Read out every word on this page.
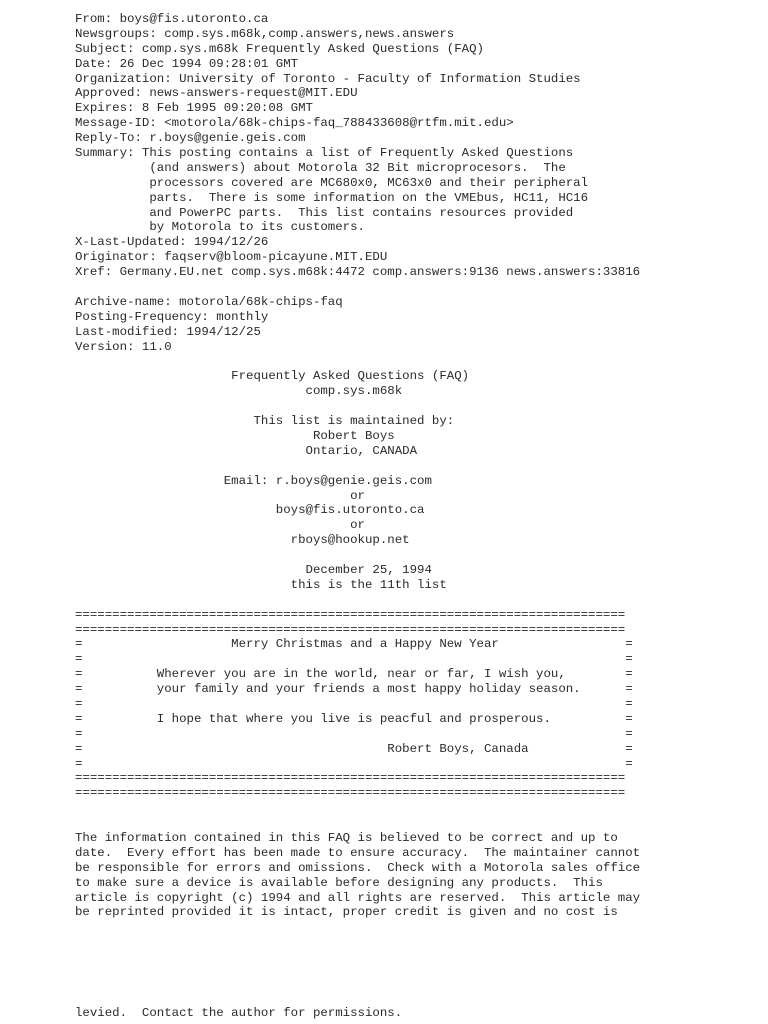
From: boys@fis.utoronto.ca
Newsgroups: comp.sys.m68k,comp.answers,news.answers
Subject: comp.sys.m68k Frequently Asked Questions (FAQ)
Date: 26 Dec 1994 09:28:01 GMT
Organization: University of Toronto - Faculty of Information Studies
Approved: news-answers-request@MIT.EDU
Expires: 8 Feb 1995 09:20:08 GMT
Message-ID: <motorola/68k-chips-faq_788433608@rtfm.mit.edu>
Reply-To: r.boys@genie.geis.com
Summary: This posting contains a list of Frequently Asked Questions
(and answers) about Motorola 32 Bit microprocesors.  The
processors covered are MC680x0, MC63x0 and their peripheral
parts.  There is some information on the VMEbus, HC11, HC16
and PowerPC parts.  This list contains resources provided
by Motorola to its customers.
X-Last-Updated: 1994/12/26
Originator: faqserv@bloom-picayune.MIT.EDU
Xref: Germany.EU.net comp.sys.m68k:4472 comp.answers:9136 news.answers:33816
Archive-name: motorola/68k-chips-faq
Posting-Frequency: monthly
Last-modified: 1994/12/25
Version: 11.0
Frequently Asked Questions (FAQ)
comp.sys.m68k
This list is maintained by:
Robert Boys
Ontario, CANADA
Email: r.boys@genie.geis.com
or
boys@fis.utoronto.ca
or
rboys@hookup.net
December 25, 1994
this is the 11th list
==========================================================================
==========================================================================
=                    Merry Christmas and a Happy New Year                 =
=                                                                         =
=          Wherever you are in the world, near or far, I wish you,        =
=          your family and your friends a most happy holiday season.      =
=                                                                         =
=          I hope that where you live is peacful and prosperous.          =
=                                                                         =
=                                         Robert Boys, Canada             =
=                                                                         =
==========================================================================
==========================================================================
The information contained in this FAQ is believed to be correct and up to
date.  Every effort has been made to ensure accuracy.  The maintainer cannot
be responsible for errors and omissions.  Check with a Motorola sales office
to make sure a device is available before designing any products.  This
article is copyright (c) 1994 and all rights are reserved.  This article may
be reprinted provided it is intact, proper credit is given and no cost is
levied.  Contact the author for permissions.
